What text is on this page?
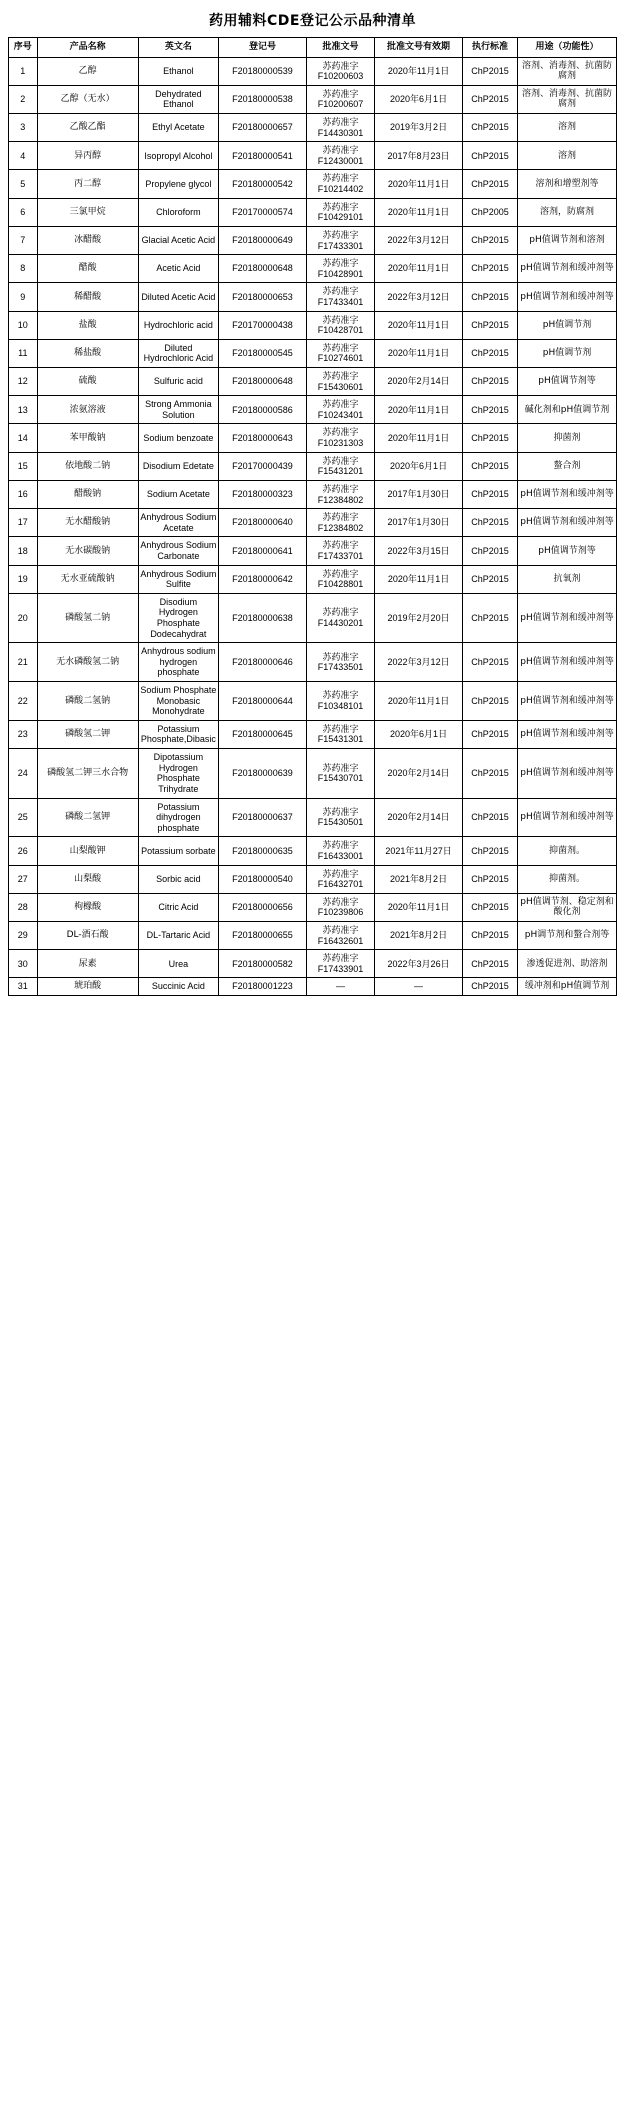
药用辅料CDE登记公示品种清单
序号	产品名称	英文名	登记号	批准文号	批准文号有效期	执行标准	用途（功能性）
1	乙醇	Ethanol	F20180000539	苏药准字F10200603	2020年11月1日	ChP2015	溶剂、消毒剂、抗菌防腐剂
2	乙醇（无水）	Dehydrated Ethanol	F20180000538	苏药准字F10200607	2020年6月1日	ChP2015	溶剂、消毒剂、抗菌防腐剂
3	乙酸乙酯	Ethyl Acetate	F20180000657	苏药准字F14430301	2019年3月2日	ChP2015	溶剂
4	异丙醇	Isopropyl Alcohol	F20180000541	苏药准字F12430001	2017年8月23日	ChP2015	溶剂
5	丙二醇	Propylene glycol	F20180000542	苏药准字F10214402	2020年11月1日	ChP2015	溶剂和增塑剂等
6	三氯甲烷	Chloroform	F20170000574	苏药准字F10429101	2020年11月1日	ChP2005	溶剂，防腐剂
7	冰醋酸	Glacial Acetic Acid	F20180000649	苏药准字F17433301	2022年3月12日	ChP2015	pH值调节剂和溶剂
8	醋酸	Acetic Acid	F20180000648	苏药准字F10428901	2020年11月1日	ChP2015	pH值调节剂和缓冲剂等
9	稀醋酸	Diluted Acetic Acid	F20180000653	苏药准字F17433401	2022年3月12日	ChP2015	pH值调节剂和缓冲剂等
10	盐酸	Hydrochloric acid	F20170000438	苏药准字F10428701	2020年11月1日	ChP2015	pH值调节剂
11	稀盐酸	Diluted Hydrochloric Acid	F20180000545	苏药准字F10274601	2020年11月1日	ChP2015	pH值调节剂
12	硫酸	Sulfuric acid	F20180000648	苏药准字F15430601	2020年2月14日	ChP2015	pH值调节剂等
13	浓氨溶液	Strong Ammonia Solution	F20180000586	苏药准字F10243401	2020年11月1日	ChP2015	碱化剂和pH值调节剂
14	苯甲酸钠	Sodium benzoate	F20180000643	苏药准字F10231303	2020年11月1日	ChP2015	抑菌剂
15	依地酸二钠	Disodium Edetate	F20170000439	苏药准字F15431201	2020年6月1日	ChP2015	螯合剂
16	醋酸钠	Sodium Acetate	F20180000323	苏药准字F12384802	2017年1月30日	ChP2015	pH值调节剂和缓冲剂等
17	无水醋酸钠	Anhydrous Sodium Acetate	F20180000640	苏药准字F12384802	2017年1月30日	ChP2015	pH值调节剂和缓冲剂等
18	无水碳酸钠	Anhydrous Sodium Carbonate	F20180000641	苏药准字F17433701	2022年3月15日	ChP2015	pH值调节剂等
19	无水亚硫酸钠	Anhydrous Sodium Sulfite	F20180000642	苏药准字F10428801	2020年11月1日	ChP2015	抗氧剂
20	磷酸氢二钠	Disodium Hydrogen Phosphate Dodecahydrat	F20180000638	苏药准字F14430201	2019年2月20日	ChP2015	pH值调节剂和缓冲剂等
21	无水磷酸氢二钠	Anhydrous sodium hydrogen phosphate	F20180000646	苏药准字F17433501	2022年3月12日	ChP2015	pH值调节剂和缓冲剂等
22	磷酸二氢钠	Sodium Phosphate Monobasic Monohydrate	F20180000644	苏药准字F10348101	2020年11月1日	ChP2015	pH值调节剂和缓冲剂等
23	磷酸氢二钾	Potassium Phosphate,Dibasic	F20180000645	苏药准字F15431301	2020年6月1日	ChP2015	pH值调节剂和缓冲剂等
24	磷酸氢二钾三水合物	Dipotassium Hydrogen Phosphate Trihydrate	F20180000639	苏药准字F15430701	2020年2月14日	ChP2015	pH值调节剂和缓冲剂等
25	磷酸二氢钾	Potassium dihydrogen phosphate	F20180000637	苏药准字F15430501	2020年2月14日	ChP2015	pH值调节剂和缓冲剂等
26	山梨酸钾	Potassium sorbate	F20180000635	苏药准字F16433001	2021年11月27日	ChP2015	抑菌剂。
27	山梨酸	Sorbic acid	F20180000540	苏药准字F16432701	2021年8月2日	ChP2015	抑菌剂。
28	枸橼酸	Citric Acid	F20180000656	苏药准字F10239806	2020年11月1日	ChP2015	pH值调节剂、稳定剂和酸化剂
29	DL-酒石酸	DL-Tartaric Acid	F20180000655	苏药准字F16432601	2021年8月2日	ChP2015	pH调节剂和螯合剂等
30	尿素	Urea	F20180000582	苏药准字F17433901	2022年3月26日	ChP2015	渗透促进剂、助溶剂
31	琥珀酸	Succinic Acid	F20180001223	—	—	ChP2015	缓冲剂和pH值调节剂
